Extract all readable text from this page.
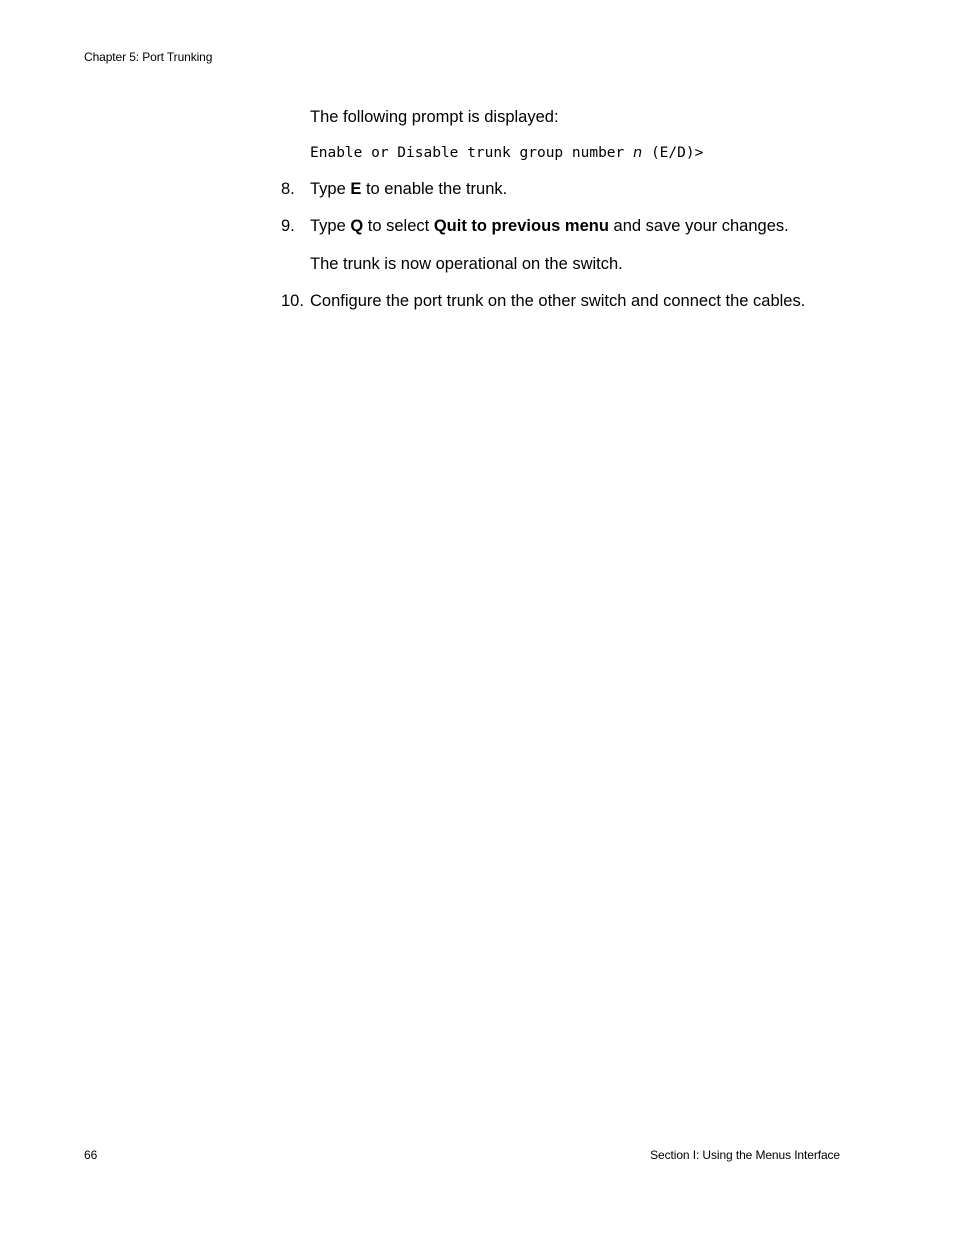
Chapter 5: Port Trunking
The following prompt is displayed:
Enable or Disable trunk group number n (E/D)>
8. Type E to enable the trunk.
9. Type Q to select Quit to previous menu and save your changes.
The trunk is now operational on the switch.
10. Configure the port trunk on the other switch and connect the cables.
66	Section I: Using the Menus Interface
